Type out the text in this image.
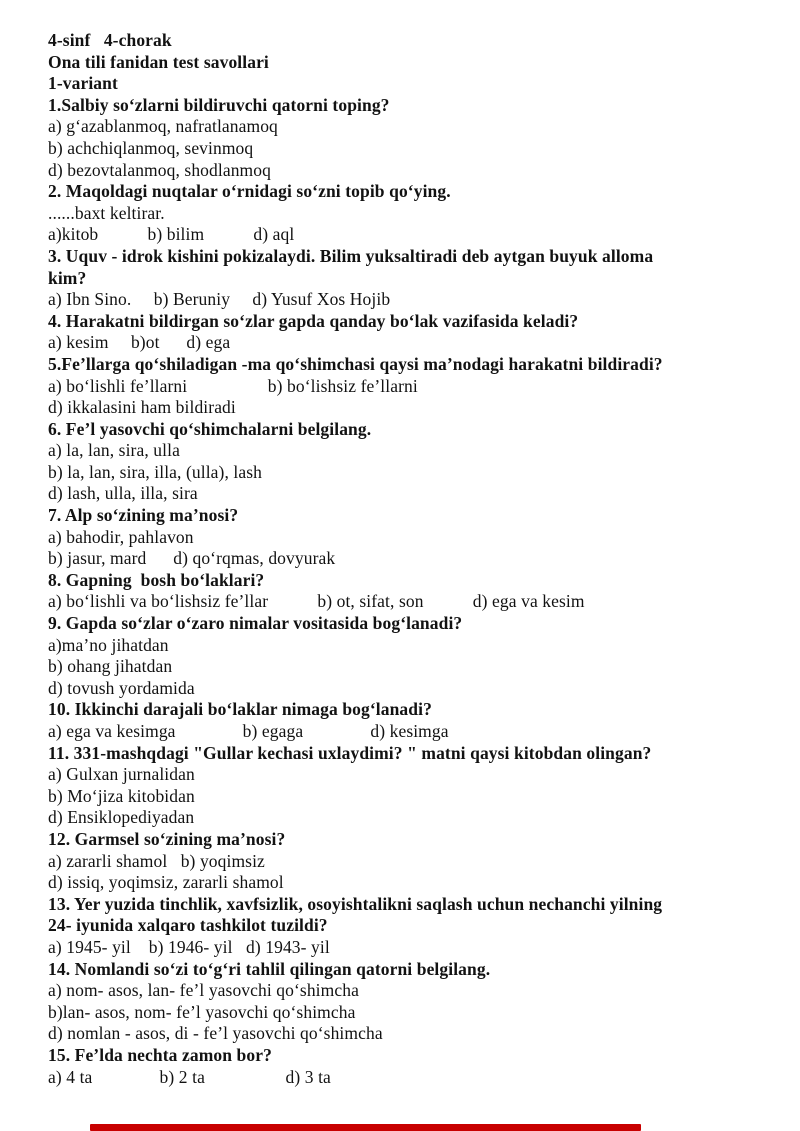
4-sinf   4-chorak
Ona tili fanidan test savollari
1-variant
1.Salbiy so‘zlarni bildiruvchi qatorni toping?
a) g‘azablanmoq, nafratlanamoq
b) achchiqlanmoq, sevinmoq
d) bezovtalanmoq, shodlanmoq
2. Maqoldagi nuqtalar o‘rnidagi so‘zni topib qo‘ying.
......baxt keltirar.
a)kitob           b) bilim           d) aql
3. Uquv - idrok kishini pokizalaydi. Bilim yuksaltiradi deb aytgan buyuk alloma
kim?
a) Ibn Sino.     b) Beruniy     d) Yusuf Xos Hojib
4. Harakatni bildirgan so‘zlar gapda qanday bo‘lak vazifasida keladi?
a) kesim     b)ot      d) ega
5.Fe’llarga qo‘shiladigan -ma qo‘shimchasi qaysi ma’nodagi harakatni bildiradi?
a) bo‘lishli fe’llarni                  b) bo‘lishsiz fe’llarni
d) ikkalasini ham bildiradi
6. Fe’l yasovchi qo‘shimchalarni belgilang.
a) la, lan, sira, ulla
b) la, lan, sira, illa, (ulla), lash
d) lash, ulla, illa, sira
7. Alp so‘zining ma’nosi?
a) bahodir, pahlavon
b) jasur, mard      d) qo‘rqmas, dovyurak
8. Gapning  bosh bo‘laklari?
a) bo‘lishli va bo‘lishsiz fe’llar           b) ot, sifat, son           d) ega va kesim
9. Gapda so‘zlar o‘zaro nimalar vositasida bog‘lanadi?
a)ma’no jihatdan
b) ohang jihatdan
d) tovush yordamida
10. Ikkinchi darajali bo‘laklar nimaga bog‘lanadi?
a) ega va kesimga               b) egaga               d) kesimga
11. 331-mashqdagi "Gullar kechasi uxlaydimi? " matni qaysi kitobdan olingan?
a) Gulxan jurnalidan
b) Mo‘jiza kitobidan
d) Ensiklopediyadan
12. Garmsel so‘zining ma’nosi?
a) zararli shamol   b) yoqimsiz
d) issiq, yoqimsiz, zararli shamol
13. Yer yuzida tinchlik, xavfsizlik, osoyishtalikni saqlash uchun nechanchi yilning
24- iyunida xalqaro tashkilot tuzildi?
a) 1945- yil    b) 1946- yil   d) 1943- yil
14. Nomlandi so‘zi to‘g‘ri tahlil qilingan qatorni belgilang.
a) nom- asos, lan- fe’l yasovchi qo‘shimcha
b)lan- asos, nom- fe’l yasovchi qo‘shimcha
d) nomlan - asos, di - fe’l yasovchi qo‘shimcha
15. Fe’lda nechta zamon bor?
a) 4 ta               b) 2 ta                  d) 3 ta
